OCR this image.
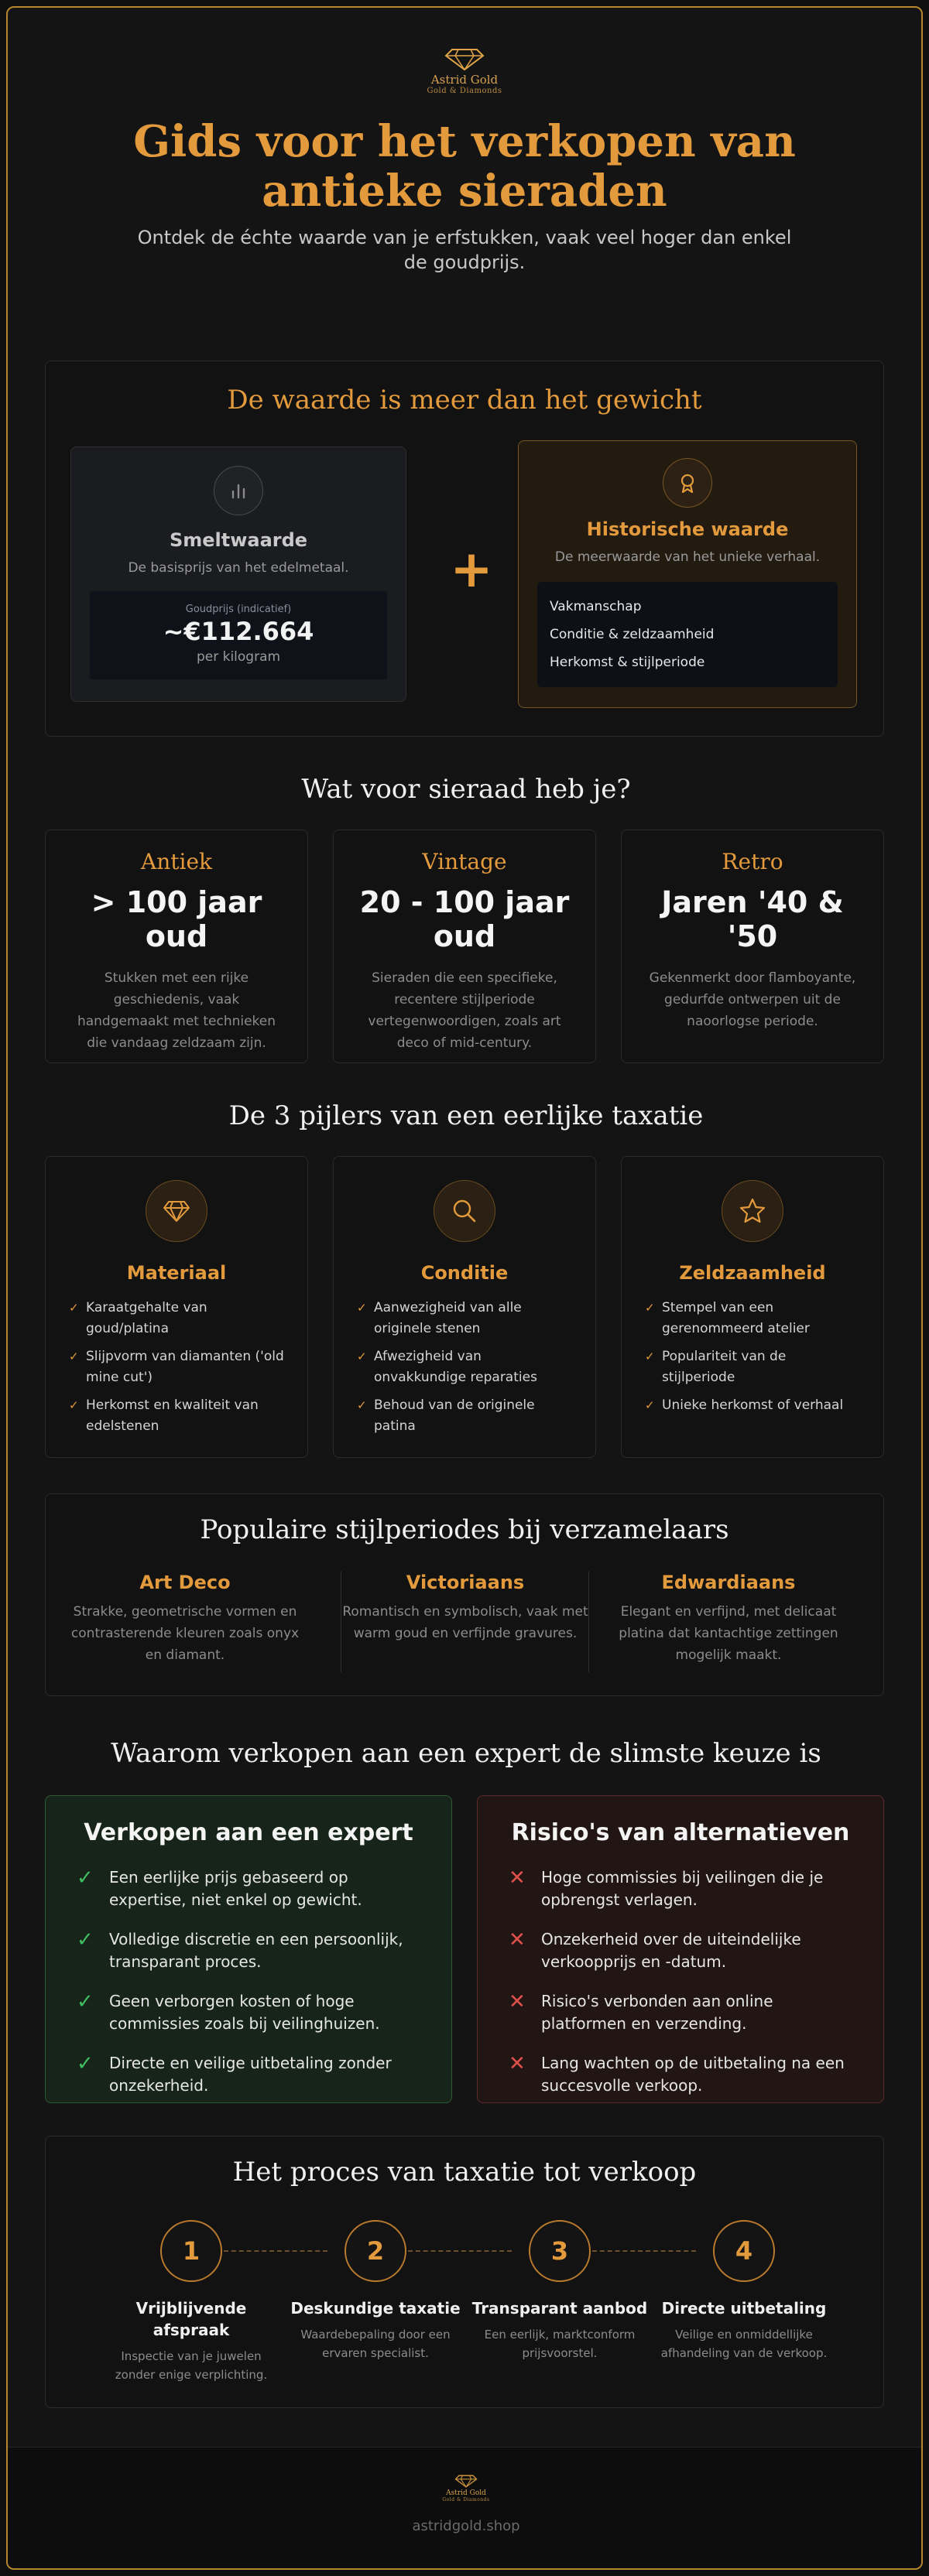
Astrid Gold
Gold & Diamonds
Gids voor het verkopen van antieke sieraden

Ontdek de échte waarde van je erfstukken, vaak veel hoger dan enkel de goudprijs.

De waarde is meer dan het gewicht
Smeltwaarde
De basisprijs van het edelmetaal.
Goudprijs (indicatief)
~€112.664
per kilogram
+
Historische waarde
De meerwaarde van het unieke verhaal.
Vakmanschap
Conditie & zeldzaamheid
Herkomst & stijlperiode
Wat voor sieraad heb je?
Antiek
> 100 jaar oud
Stukken met een rijke geschiedenis, vaak handgemaakt met technieken die vandaag zeldzaam zijn.
Vintage
20 - 100 jaar oud
Sieraden die een specifieke, recentere stijlperiode vertegenwoordigen, zoals art deco of mid-century.
Retro
Jaren '40 & '50
Gekenmerkt door flamboyante, gedurfde ontwerpen uit de naoorlogse periode.
De 3 pijlers van een eerlijke taxatie
Materiaal
✓ Karaatgehalte van goud/platina
✓ Slijpvorm van diamanten ('old mine cut')
✓ Herkomst en kwaliteit van edelstenen
Conditie
✓ Aanwezigheid van alle originele stenen
✓ Afwezigheid van onvakkundige reparaties
✓ Behoud van de originele patina
Zeldzaamheid
✓ Stempel van een gerenommeerd atelier
✓ Populariteit van de stijlperiode
✓ Unieke herkomst of verhaal
Populaire stijlperiodes bij verzamelaars
Art Deco
Strakke, geometrische vormen en contrasterende kleuren zoals onyx en diamant.
Victoriaans
Romantisch en symbolisch, vaak met warm goud en verfijnde gravures.
Edwardiaans
Elegant en verfijnd, met delicaat platina dat kantachtige zettingen mogelijk maakt.
Waarom verkopen aan een expert de slimste keuze is
Verkopen aan een expert
✓	Een eerlijke prijs gebaseerd op expertise, niet enkel op gewicht.
✓	Volledige discretie en een persoonlijk, transparant proces.
✓	Geen verborgen kosten of hoge commissies zoals bij veilinghuizen.
✓	Directe en veilige uitbetaling zonder onzekerheid.
Risico's van alternatieven
✕	Hoge commissies bij veilingen die je opbrengst verlagen.
✕	Onzekerheid over de uiteindelijke verkoopprijs en -datum.
✕	Risico's verbonden aan online platformen en verzending.
✕	Lang wachten op de uitbetaling na een succesvolle verkoop.
Het proces van taxatie tot verkoop
1
Vrijblijvende afspraak
Inspectie van je juwelen zonder enige verplichting.
2
Deskundige taxatie
Waardebepaling door een ervaren specialist.
3
Transparant aanbod
Een eerlijk, marktconform prijsvoorstel.
4
Directe uitbetaling
Veilige en onmiddellijke afhandeling van de verkoop.
Astrid Gold
Gold & Diamonds
astridgold.shop
